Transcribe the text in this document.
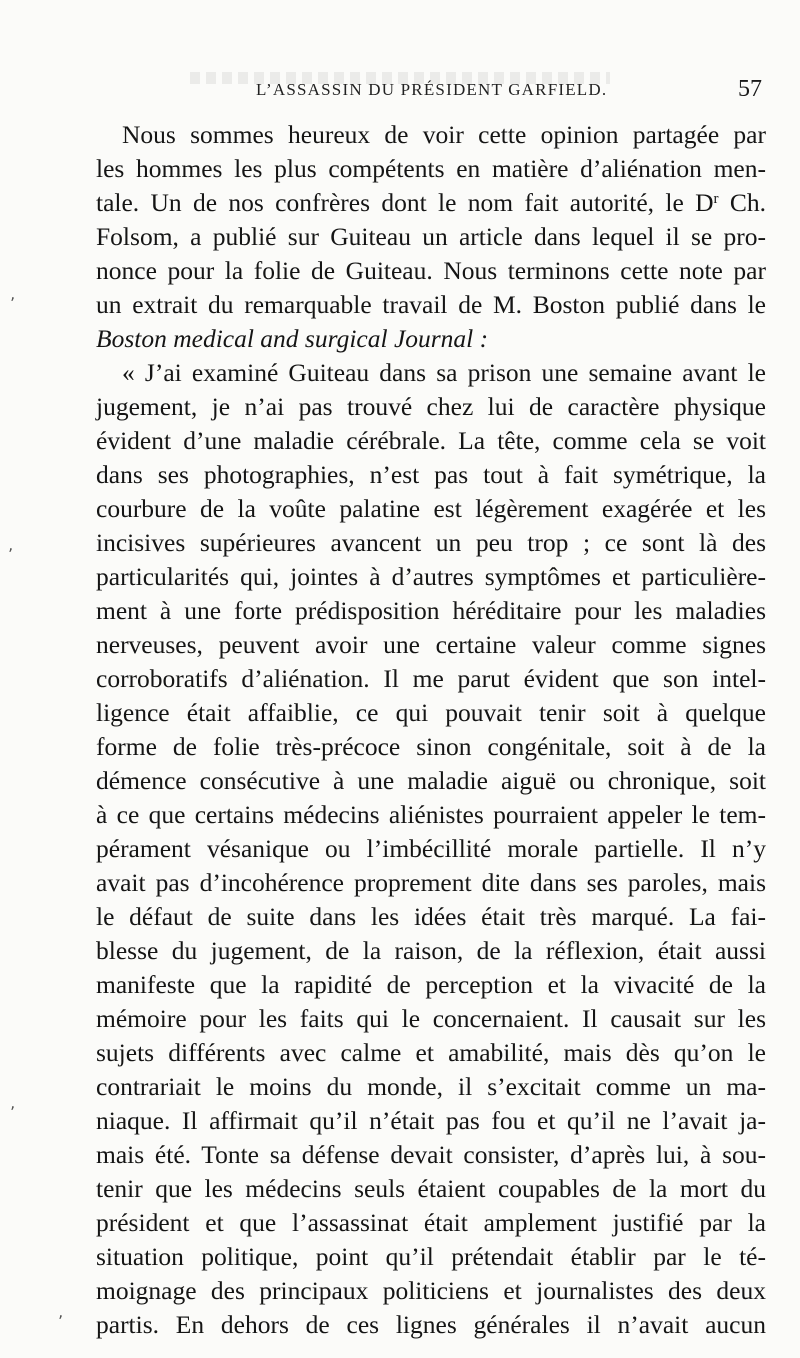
L’ASSASSIN DU PRÉSIDENT GARFIELD.	57
Nous sommes heureux de voir cette opinion partagée par
les hommes les plus compétents en matière d’aliénation men-
tale. Un de nos confrères dont le nom fait autorité, le $D^r$ Ch.
Folsom, a publié sur Guiteau un article dans lequel il se pro-
nonce pour la folie de Guiteau. Nous terminons cette note par
un extrait du remarquable travail de M. Boston publié dans le
Boston medical and surgical Journal :
« J’ai examiné Guiteau dans sa prison une semaine avant le
jugement, je n’ai pas trouvé chez lui de caractère physique
évident d’une maladie cérébrale. La tête, comme cela se voit
dans ses photographies, n’est pas tout à fait symétrique, la
courbure de la voûte palatine est légèrement exagérée et les
incisives supérieures avancent un peu trop ; ce sont là des
particularités qui, jointes à d’autres symptômes et particulière-
ment à une forte prédisposition héréditaire pour les maladies
nerveuses, peuvent avoir une certaine valeur comme signes
corroboratifs d’aliénation. Il me parut évident que son intel-
ligence était affaiblie, ce qui pouvait tenir soit à quelque
forme de folie très-précoce sinon congénitale, soit à de la
démence consécutive à une maladie aiguë ou chronique, soit
à ce que certains médecins aliénistes pourraient appeler le tem-
pérament vésanique ou l’imbécillité morale partielle. Il n’y
avait pas d’incohérence proprement dite dans ses paroles, mais
le défaut de suite dans les idées était très marqué. La fai-
blesse du jugement, de la raison, de la réflexion, était aussi
manifeste que la rapidité de perception et la vivacité de la
mémoire pour les faits qui le concernaient. Il causait sur les
sujets différents avec calme et amabilité, mais dès qu’on le
contrariait le moins du monde, il s’excitait comme un ma-
niaque. Il affirmait qu’il n’était pas fou et qu’il ne l’avait ja-
mais été. Tonte sa défense devait consister, d’après lui, à sou-
tenir que les médecins seuls étaient coupables de la mort du
président et que l’assassinat était amplement justifié par la
situation politique, point qu’il prétendait établir par le té-
moignage des principaux politiciens et journalistes des deux
partis. En dehors de ces lignes générales il n’avait aucun
ʼ
ʼ
ʼ
ʼ
